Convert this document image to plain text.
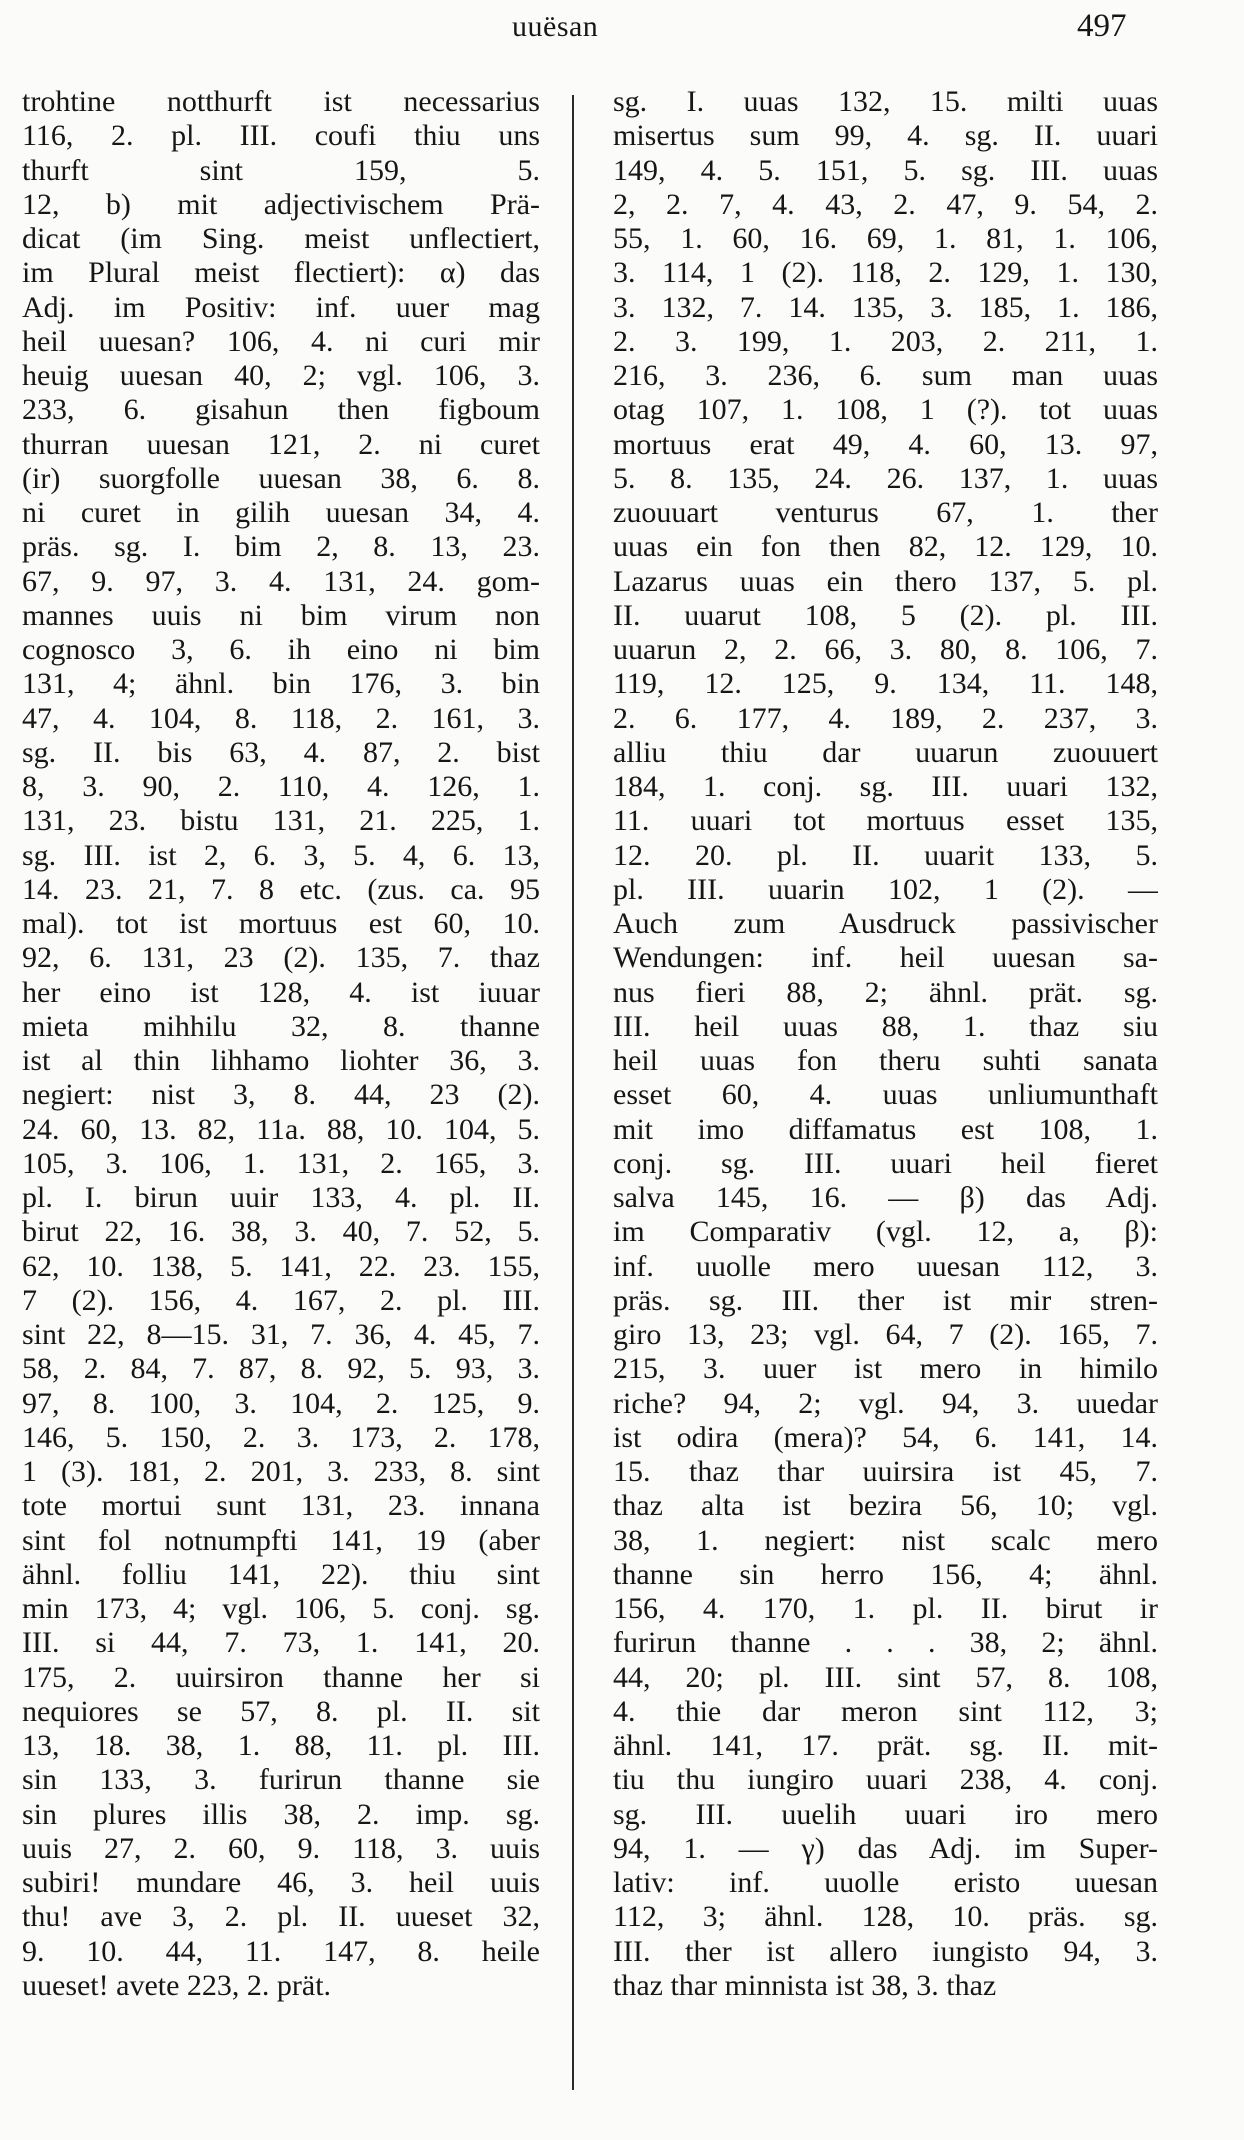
uuësan	497
trohtine notthurft ist necessarius
116, 2. pl. III. coufi thiu uns
thurft sint 159, 5.
12, b) mit adjectivischem Prä-
dicat (im Sing. meist unflectiert,
im Plural meist flectiert): α) das
Adj. im Positiv: inf. uuer mag
heil uuesan? 106, 4. ni curi mir
heuig uuesan 40, 2; vgl. 106, 3.
233, 6. gisahun then figboum
thurran uuesan 121, 2. ni curet
(ir) suorgfolle uuesan 38, 6. 8.
ni curet in gilih uuesan 34, 4.
präs. sg. I. bim 2, 8. 13, 23.
67, 9. 97, 3. 4. 131, 24. gom-
mannes uuis ni bim virum non
cognosco 3, 6. ih eino ni bim
131, 4; ähnl. bin 176, 3. bin
47, 4. 104, 8. 118, 2. 161, 3.
sg. II. bis 63, 4. 87, 2. bist
8, 3. 90, 2. 110, 4. 126, 1.
131, 23. bistu 131, 21. 225, 1.
sg. III. ist 2, 6. 3, 5. 4, 6. 13,
14. 23. 21, 7. 8 etc. (zus. ca. 95
mal). tot ist mortuus est 60, 10.
92, 6. 131, 23 (2). 135, 7. thaz
her eino ist 128, 4. ist iuuar
mieta mihhilu 32, 8. thanne
ist al thin lihhamo liohter 36, 3.
negiert: nist 3, 8. 44, 23 (2).
24. 60, 13. 82, 11a. 88, 10. 104, 5.
105, 3. 106, 1. 131, 2. 165, 3.
pl. I. birun uuir 133, 4. pl. II.
birut 22, 16. 38, 3. 40, 7. 52, 5.
62, 10. 138, 5. 141, 22. 23. 155,
7 (2). 156, 4. 167, 2. pl. III.
sint 22, 8—15. 31, 7. 36, 4. 45, 7.
58, 2. 84, 7. 87, 8. 92, 5. 93, 3.
97, 8. 100, 3. 104, 2. 125, 9.
146, 5. 150, 2. 3. 173, 2. 178,
1 (3). 181, 2. 201, 3. 233, 8. sint
tote mortui sunt 131, 23. innana
sint fol notnumpfti 141, 19 (aber
ähnl. folliu 141, 22). thiu sint
min 173, 4; vgl. 106, 5. conj. sg.
III. si 44, 7. 73, 1. 141, 20.
175, 2. uuirsiron thanne her si
nequiores se 57, 8. pl. II. sit
13, 18. 38, 1. 88, 11. pl. III.
sin 133, 3. furirun thanne sie
sin plures illis 38, 2. imp. sg.
uuis 27, 2. 60, 9. 118, 3. uuis
subiri! mundare 46, 3. heil uuis
thu! ave 3, 2. pl. II. uueset 32,
9. 10. 44, 11. 147, 8. heile
uueset! avete 223, 2. prät.
sg. I. uuas 132, 15. milti uuas
misertus sum 99, 4. sg. II. uuari
149, 4. 5. 151, 5. sg. III. uuas
2, 2. 7, 4. 43, 2. 47, 9. 54, 2.
55, 1. 60, 16. 69, 1. 81, 1. 106,
3. 114, 1 (2). 118, 2. 129, 1. 130,
3. 132, 7. 14. 135, 3. 185, 1. 186,
2. 3. 199, 1. 203, 2. 211, 1.
216, 3. 236, 6. sum man uuas
otag 107, 1. 108, 1 (?). tot uuas
mortuus erat 49, 4. 60, 13. 97,
5. 8. 135, 24. 26. 137, 1. uuas
zuouuart venturus 67, 1. ther
uuas ein fon then 82, 12. 129, 10.
Lazarus uuas ein thero 137, 5. pl.
II. uuarut 108, 5 (2). pl. III.
uuarun 2, 2. 66, 3. 80, 8. 106, 7.
119, 12. 125, 9. 134, 11. 148,
2. 6. 177, 4. 189, 2. 237, 3.
alliu thiu dar uuarun zuouuert
184, 1. conj. sg. III. uuari 132,
11. uuari tot mortuus esset 135,
12. 20. pl. II. uuarit 133, 5.
pl. III. uuarin 102, 1 (2). —
Auch zum Ausdruck passivischer
Wendungen: inf. heil uuesan sa-
nus fieri 88, 2; ähnl. prät. sg.
III. heil uuas 88, 1. thaz siu
heil uuas fon theru suhti sanata
esset 60, 4. uuas unliumunthaft
mit imo diffamatus est 108, 1.
conj. sg. III. uuari heil fieret
salva 145, 16. — β) das Adj.
im Comparativ (vgl. 12, a, β):
inf. uuolle mero uuesan 112, 3.
präs. sg. III. ther ist mir stren-
giro 13, 23; vgl. 64, 7 (2). 165, 7.
215, 3. uuer ist mero in himilo
riche? 94, 2; vgl. 94, 3. uuedar
ist odira (mera)? 54, 6. 141, 14.
15. thaz thar uuirsira ist 45, 7.
thaz alta ist bezira 56, 10; vgl.
38, 1. negiert: nist scalc mero
thanne sin herro 156, 4; ähnl.
156, 4. 170, 1. pl. II. birut ir
furirun thanne . . . 38, 2; ähnl.
44, 20; pl. III. sint 57, 8. 108,
4. thie dar meron sint 112, 3;
ähnl. 141, 17. prät. sg. II. mit-
tiu thu iungiro uuari 238, 4. conj.
sg. III. uuelih uuari iro mero
94, 1. — γ) das Adj. im Super-
lativ: inf. uuolle eristo uuesan
112, 3; ähnl. 128, 10. präs. sg.
III. ther ist allero iungisto 94, 3.
thaz thar minnista ist 38, 3. thaz
